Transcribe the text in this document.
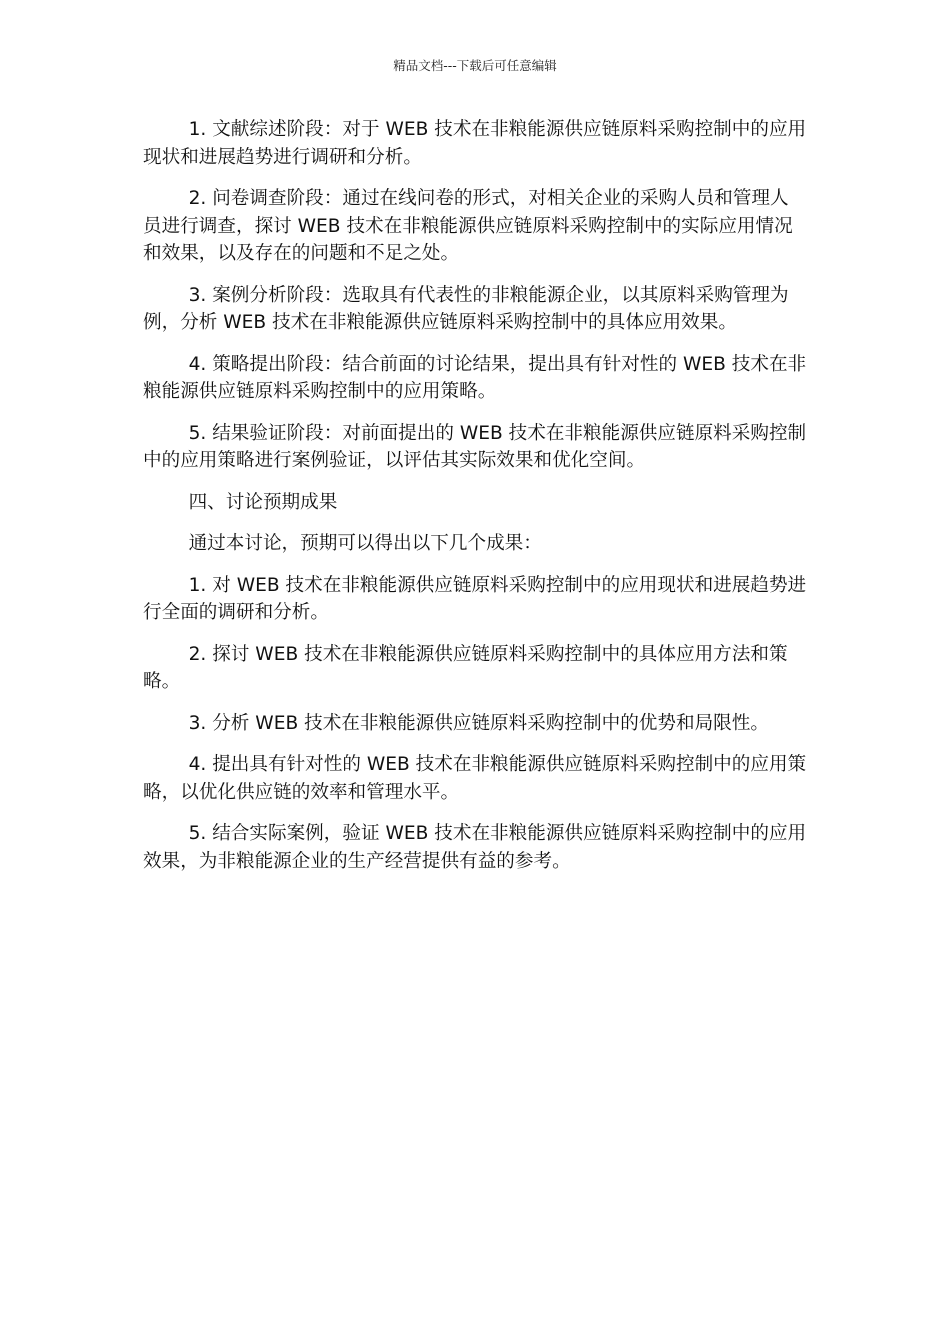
精品文档---下载后可任意编辑

1. 文献综述阶段：对于 WEB 技术在非粮能源供应链原料采购控制中的应用现状和进展趋势进行调研和分析。

2. 问卷调查阶段：通过在线问卷的形式，对相关企业的采购人员和管理人员进行调查，探讨 WEB 技术在非粮能源供应链原料采购控制中的实际应用情况和效果，以及存在的问题和不足之处。

3. 案例分析阶段：选取具有代表性的非粮能源企业，以其原料采购管理为例，分析 WEB 技术在非粮能源供应链原料采购控制中的具体应用效果。

4. 策略提出阶段：结合前面的讨论结果，提出具有针对性的 WEB 技术在非粮能源供应链原料采购控制中的应用策略。

5. 结果验证阶段：对前面提出的 WEB 技术在非粮能源供应链原料采购控制中的应用策略进行案例验证，以评估其实际效果和优化空间。

四、讨论预期成果

通过本讨论，预期可以得出以下几个成果：

1. 对 WEB 技术在非粮能源供应链原料采购控制中的应用现状和进展趋势进行全面的调研和分析。

2. 探讨 WEB 技术在非粮能源供应链原料采购控制中的具体应用方法和策略。

3. 分析 WEB 技术在非粮能源供应链原料采购控制中的优势和局限性。

4. 提出具有针对性的 WEB 技术在非粮能源供应链原料采购控制中的应用策略，以优化供应链的效率和管理水平。

5. 结合实际案例，验证 WEB 技术在非粮能源供应链原料采购控制中的应用效果，为非粮能源企业的生产经营提供有益的参考。
